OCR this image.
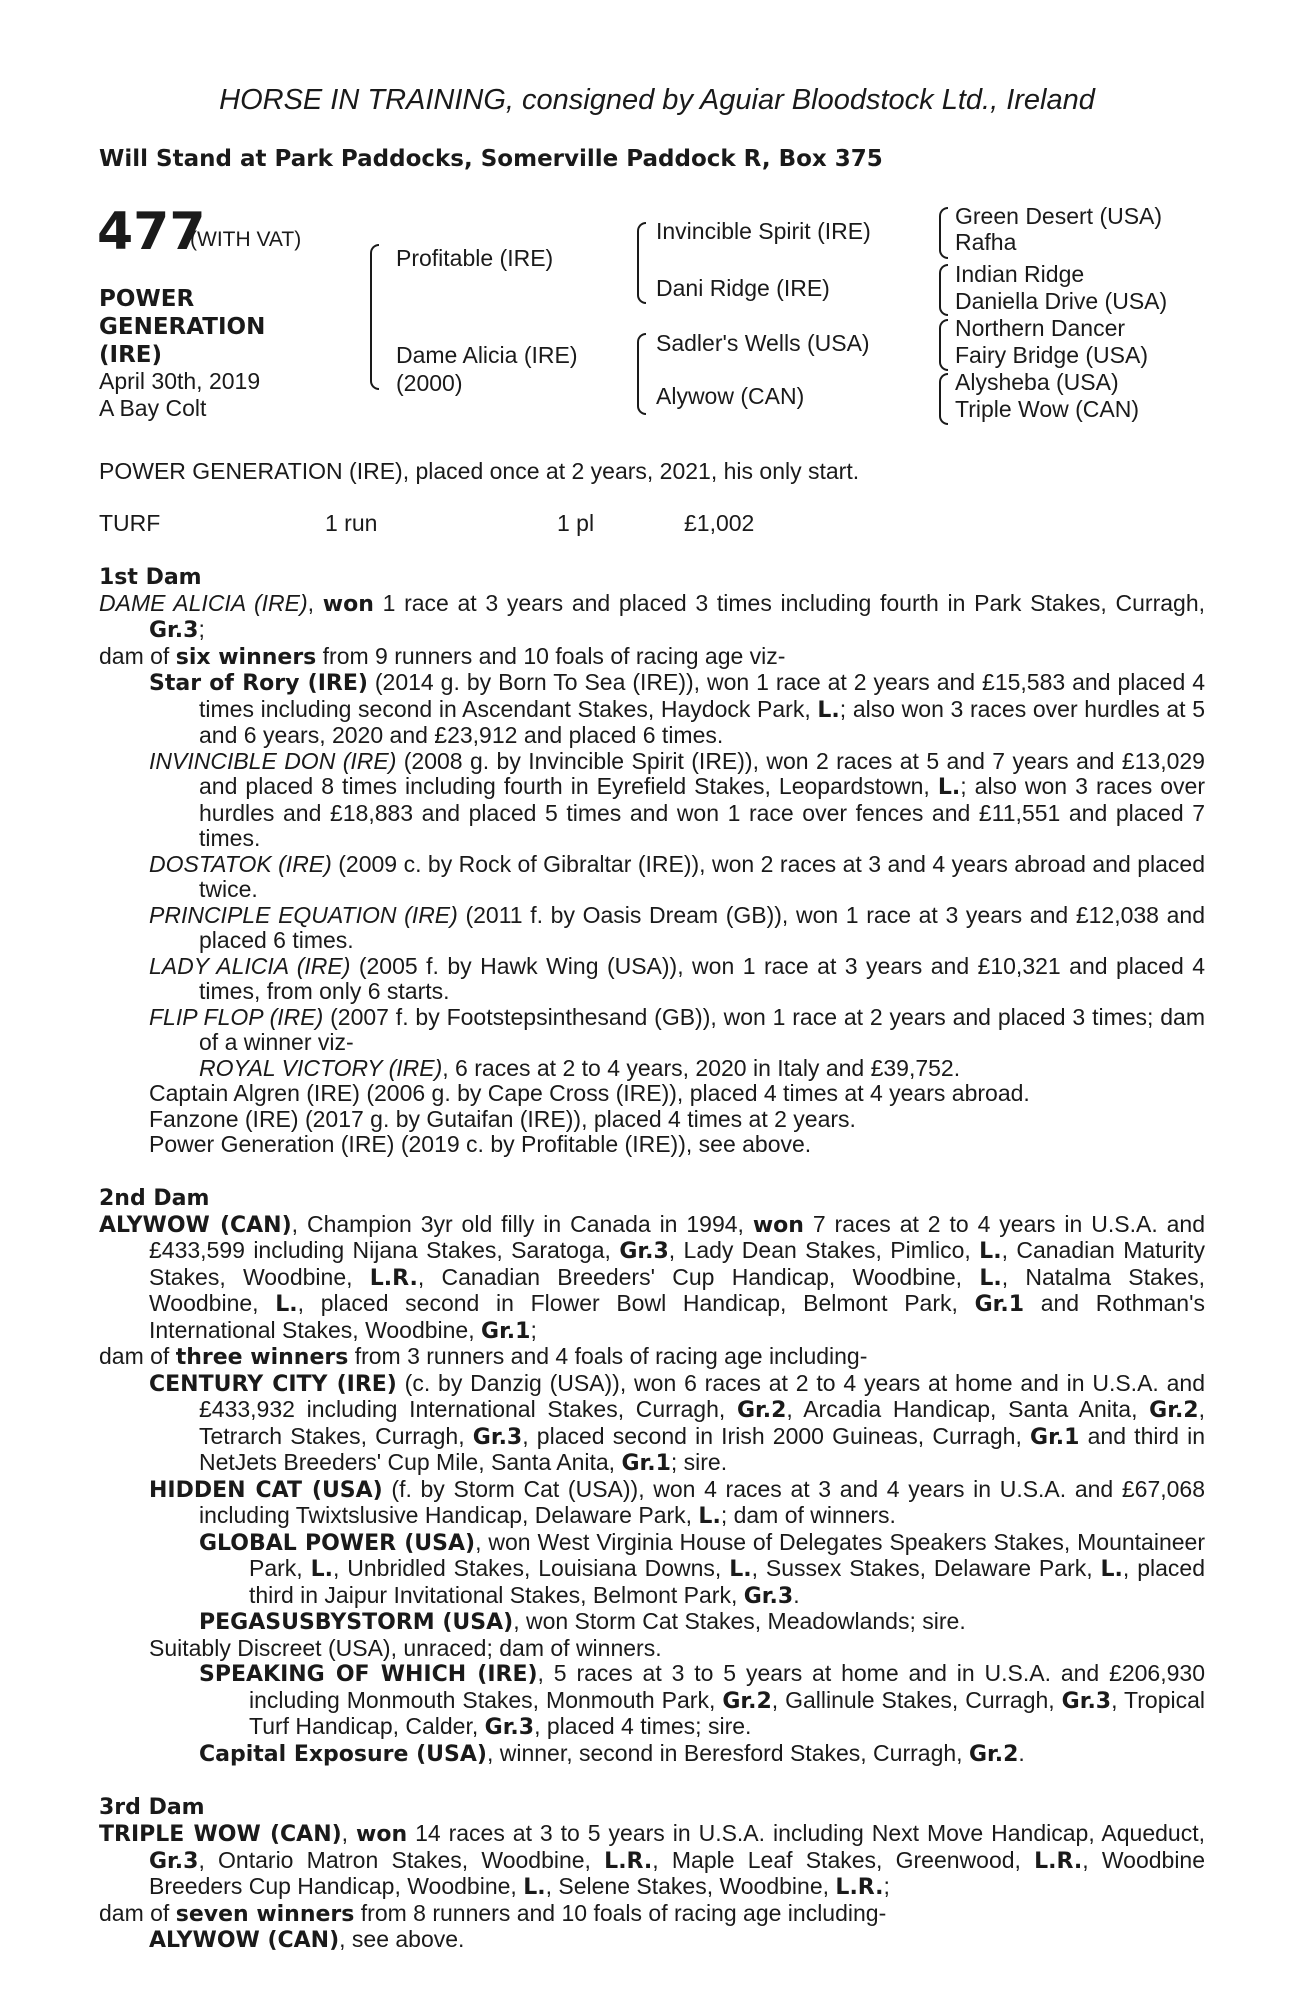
HORSE IN TRAINING, consigned by Aguiar Bloodstock Ltd., Ireland
Will Stand at Park Paddocks, Somerville Paddock R, Box 375
477
(WITH VAT)
POWER
GENERATION
(IRE)
April 30th, 2019
A Bay Colt
Profitable (IRE)
Dame Alicia (IRE)
(2000)
Invincible Spirit (IRE)
Dani Ridge (IRE)
Sadler's Wells (USA)
Alywow (CAN)
Green Desert (USA)
Rafha
Indian Ridge
Daniella Drive (USA)
Northern Dancer
Fairy Bridge (USA)
Alysheba (USA)
Triple Wow (CAN)
POWER GENERATION (IRE), placed once at 2 years, 2021, his only start.
TURF	1 run	1 pl	£1,002
1st Dam
DAME ALICIA (IRE), won 1 race at 3 years and placed 3 times including fourth in Park Stakes, Curragh, Gr.3;
dam of six winners from 9 runners and 10 foals of racing age viz-
Star of Rory (IRE) (2014 g. by Born To Sea (IRE)), won 1 race at 2 years and £15,583 and placed 4 times including second in Ascendant Stakes, Haydock Park, L.; also won 3 races over hurdles at 5 and 6 years, 2020 and £23,912 and placed 6 times.
INVINCIBLE DON (IRE) (2008 g. by Invincible Spirit (IRE)), won 2 races at 5 and 7 years and £13,029 and placed 8 times including fourth in Eyrefield Stakes, Leopardstown, L.; also won 3 races over hurdles and £18,883 and placed 5 times and won 1 race over fences and £11,551 and placed 7 times.
DOSTATOK (IRE) (2009 c. by Rock of Gibraltar (IRE)), won 2 races at 3 and 4 years abroad and placed twice.
PRINCIPLE EQUATION (IRE) (2011 f. by Oasis Dream (GB)), won 1 race at 3 years and £12,038 and placed 6 times.
LADY ALICIA (IRE) (2005 f. by Hawk Wing (USA)), won 1 race at 3 years and £10,321 and placed 4 times, from only 6 starts.
FLIP FLOP (IRE) (2007 f. by Footstepsinthesand (GB)), won 1 race at 2 years and placed 3 times; dam of a winner viz-
ROYAL VICTORY (IRE), 6 races at 2 to 4 years, 2020 in Italy and £39,752.
Captain Algren (IRE) (2006 g. by Cape Cross (IRE)), placed 4 times at 4 years abroad.
Fanzone (IRE) (2017 g. by Gutaifan (IRE)), placed 4 times at 2 years.
Power Generation (IRE) (2019 c. by Profitable (IRE)), see above.
2nd Dam
ALYWOW (CAN), Champion 3yr old filly in Canada in 1994, won 7 races at 2 to 4 years in U.S.A. and £433,599 including Nijana Stakes, Saratoga, Gr.3, Lady Dean Stakes, Pimlico, L., Canadian Maturity Stakes, Woodbine, L.R., Canadian Breeders' Cup Handicap, Woodbine, L., Natalma Stakes, Woodbine, L., placed second in Flower Bowl Handicap, Belmont Park, Gr.1 and Rothman's International Stakes, Woodbine, Gr.1;
dam of three winners from 3 runners and 4 foals of racing age including-
CENTURY CITY (IRE) (c. by Danzig (USA)), won 6 races at 2 to 4 years at home and in U.S.A. and £433,932 including International Stakes, Curragh, Gr.2, Arcadia Handicap, Santa Anita, Gr.2, Tetrarch Stakes, Curragh, Gr.3, placed second in Irish 2000 Guineas, Curragh, Gr.1 and third in NetJets Breeders' Cup Mile, Santa Anita, Gr.1; sire.
HIDDEN CAT (USA) (f. by Storm Cat (USA)), won 4 races at 3 and 4 years in U.S.A. and £67,068 including Twixtslusive Handicap, Delaware Park, L.; dam of winners.
GLOBAL POWER (USA), won West Virginia House of Delegates Speakers Stakes, Mountaineer Park, L., Unbridled Stakes, Louisiana Downs, L., Sussex Stakes, Delaware Park, L., placed third in Jaipur Invitational Stakes, Belmont Park, Gr.3.
PEGASUSBYSTORM (USA), won Storm Cat Stakes, Meadowlands; sire.
Suitably Discreet (USA), unraced; dam of winners.
SPEAKING OF WHICH (IRE), 5 races at 3 to 5 years at home and in U.S.A. and £206,930 including Monmouth Stakes, Monmouth Park, Gr.2, Gallinule Stakes, Curragh, Gr.3, Tropical Turf Handicap, Calder, Gr.3, placed 4 times; sire.
Capital Exposure (USA), winner, second in Beresford Stakes, Curragh, Gr.2.
3rd Dam
TRIPLE WOW (CAN), won 14 races at 3 to 5 years in U.S.A. including Next Move Handicap, Aqueduct, Gr.3, Ontario Matron Stakes, Woodbine, L.R., Maple Leaf Stakes, Greenwood, L.R., Woodbine Breeders Cup Handicap, Woodbine, L., Selene Stakes, Woodbine, L.R.;
dam of seven winners from 8 runners and 10 foals of racing age including-
ALYWOW (CAN), see above.
